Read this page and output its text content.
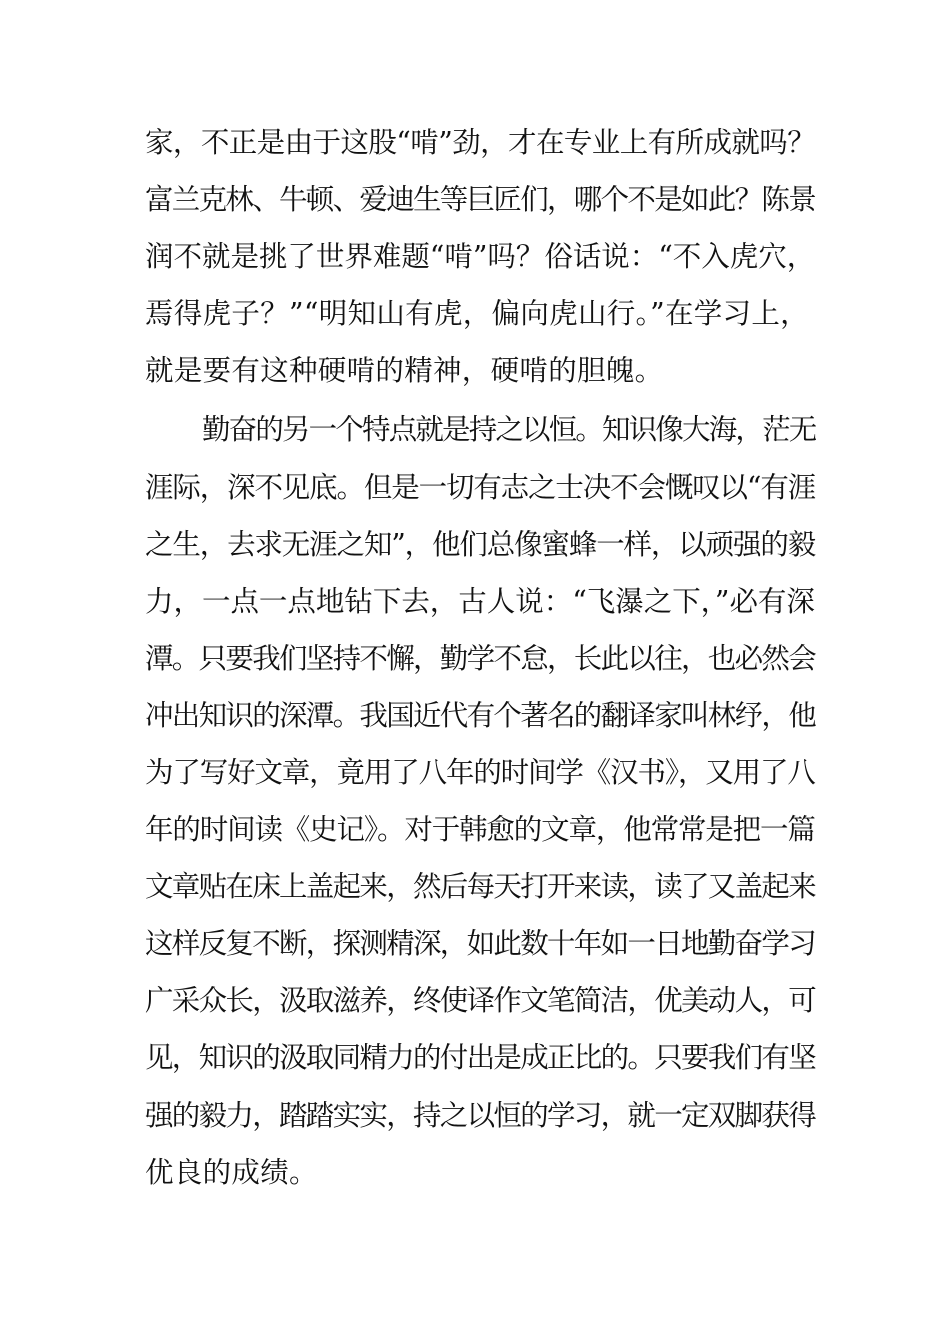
家，不正是由于这股“啃”劲，才在专业上有所成就吗？
富兰克林、牛顿、爱迪生等巨匠们，哪个不是如此？陈景
润不就是挑了世界难题“啃”吗？俗话说：“不入虎穴，
焉得虎子？”“明知山有虎，偏向虎山行。”在学习上，
就是要有这种硬啃的精神，硬啃的胆魄。
勤奋的另一个特点就是持之以恒。知识像大海，茫无
涯际，深不见底。但是一切有志之士决不会慨叹以“有涯
之生，去求无涯之知”，他们总像蜜蜂一样，以顽强的毅
力，一点一点地钻下去，古人说：“飞瀑之下，”必有深
潭。只要我们坚持不懈，勤学不怠，长此以往，也必然会
冲出知识的深潭。我国近代有个著名的翻译家叫林纾，他
为了写好文章，竟用了八年的时间学《汉书》，又用了八
年的时间读《史记》。对于韩愈的文章，他常常是把一篇
文章贴在床上盖起来，然后每天打开来读，读了又盖起来
这样反复不断，探测精深，如此数十年如一日地勤奋学习
广采众长，汲取滋养，终使译作文笔简洁，优美动人，可
见，知识的汲取同精力的付出是成正比的。只要我们有坚
强的毅力，踏踏实实，持之以恒的学习，就一定双脚获得
优良的成绩。
